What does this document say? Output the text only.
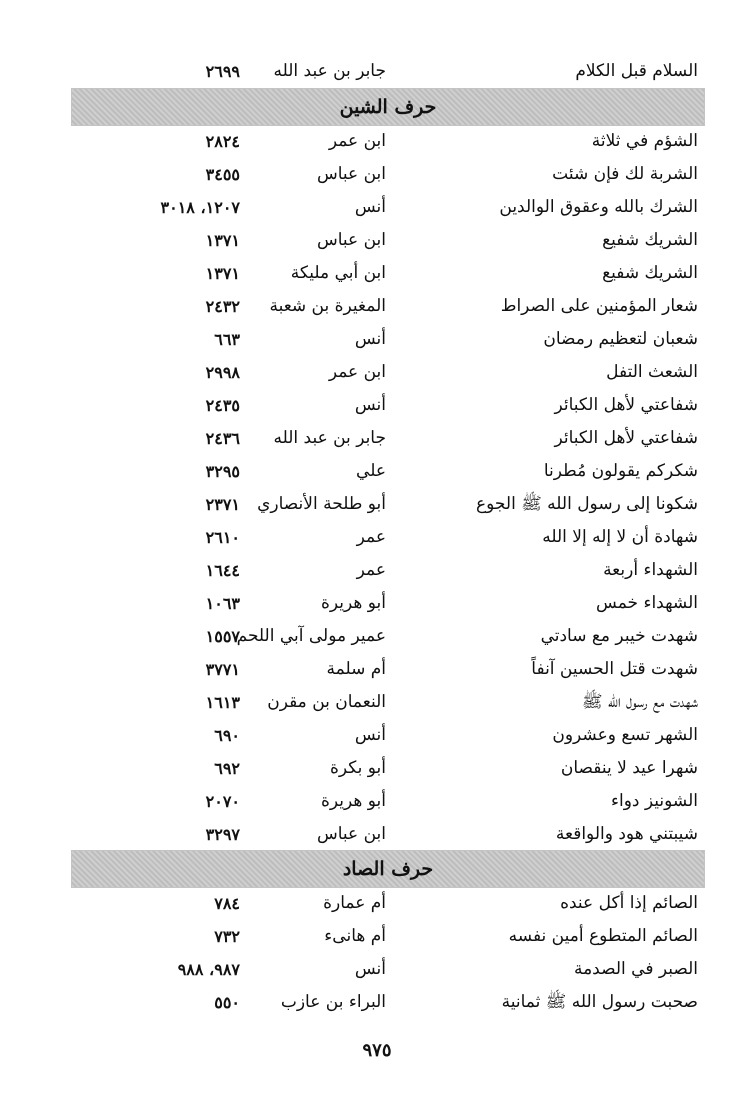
السلام قبل الكلام
جابر بن عبد الله
٢٦٩٩
حرف الشين
الشؤم في ثلاثة
ابن عمر
٢٨٢٤
الشربة لك فإن شئت
ابن عباس
٣٤٥٥
الشرك بالله وعقوق الوالدين
أنس
١٢٠٧، ٣٠١٨
الشريك شفيع
ابن عباس
١٣٧١
الشريك شفيع
ابن أبي مليكة
١٣٧١
شعار المؤمنين على الصراط
المغيرة بن شعبة
٢٤٣٢
شعبان لتعظيم رمضان
أنس
٦٦٣
الشعث التفل
ابن عمر
٢٩٩٨
شفاعتي لأهل الكبائر
أنس
٢٤٣٥
شفاعتي لأهل الكبائر
جابر بن عبد الله
٢٤٣٦
شكركم يقولون مُطرنا
علي
٣٢٩٥
شكونا إلى رسول الله ﷺ الجوع
أبو طلحة الأنصاري
٢٣٧١
شهادة أن لا إله إلا الله
عمر
٢٦١٠
الشهداء أربعة
عمر
١٦٤٤
الشهداء خمس
أبو هريرة
١٠٦٣
شهدت خيبر مع سادتي
عمير مولى آبي اللحم
١٥٥٧
شهدت قتل الحسين آنفاً
أم سلمة
٣٧٧١
شهدت مع رسول الله ﷺ
النعمان بن مقرن
١٦١٣
الشهر تسع وعشرون
أنس
٦٩٠
شهرا عيد لا ينقصان
أبو بكرة
٦٩٢
الشونيز دواء
أبو هريرة
٢٠٧٠
شيبتني هود والواقعة
ابن عباس
٣٢٩٧
حرف الصاد
الصائم إذا أكل عنده
أم عمارة
٧٨٤
الصائم المتطوع أمين نفسه
أم هانىء
٧٣٢
الصبر في الصدمة
أنس
٩٨٧، ٩٨٨
صحبت رسول الله ﷺ ثمانية
البراء بن عازب
٥٥٠
٩٧٥
